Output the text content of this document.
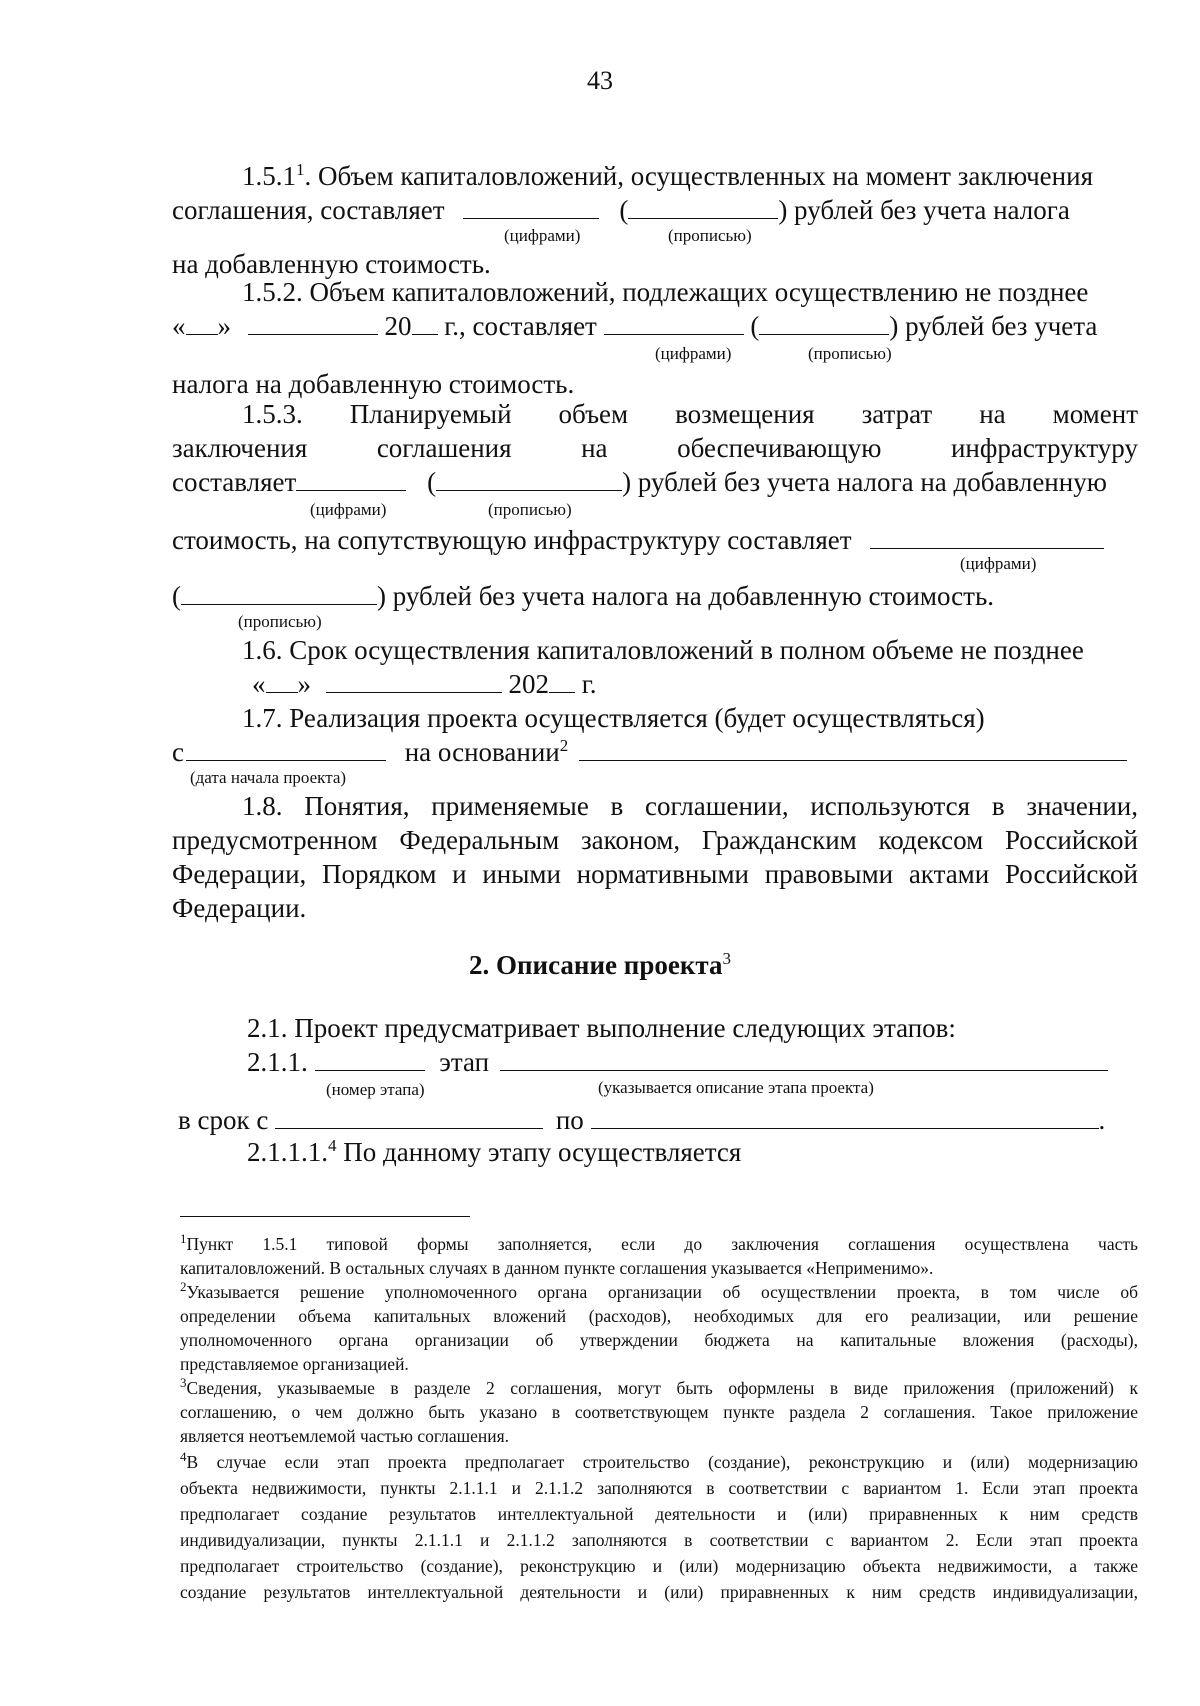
43
1.5.1$^1$. Объем капиталовложений, осуществленных на момент заключения
соглашения, составляет	(	) рублей без учета налога
(цифрами)	(прописью)
на добавленную стоимость.
1.5.2. Объем капиталовложений, подлежащих осуществлению не позднее
« »	20 г., составляет	(	) рублей без учета
(цифрами)	(прописью)
налога на добавленную стоимость.
1.5.3. Планируемый объем возмещения затрат на момент
заключения	соглашения	на	обеспечивающую	инфраструктуру
составляет	(	) рублей без учета налога на добавленную
(цифрами)	(прописью)
стоимость, на сопутствующую инфраструктуру составляет
(цифрами)
(	) рублей без учета налога на добавленную стоимость.
(прописью)
1.6. Срок осуществления капиталовложений в полном объеме не позднее
« »	202 г.
1.7. Реализация проекта осуществляется (будет осуществляться)
с	на основании$^2$
(дата начала проекта)
1.8. Понятия, применяемые в соглашении, используются в значении,
предусмотренном Федеральным законом, Гражданским кодексом Российской
Федерации, Порядком и иными нормативными правовыми актами Российской
Федерации.
2. Описание проекта$^3$
2.1. Проект предусматривает выполнение следующих этапов:
2.1.1.	этап
(номер этапа)	(указывается описание этапа проекта)
в срок с	по	.
2.1.1.1.$^4$ По данному этапу осуществляется
$^1$Пункт 1.5.1 типовой формы заполняется, если до заключения соглашения осуществлена часть
капиталовложений. В остальных случаях в данном пункте соглашения указывается «Неприменимо».
$^2$Указывается решение уполномоченного органа организации об осуществлении проекта, в том числе об
определении объема капитальных вложений (расходов), необходимых для его реализации, или решение
уполномоченного органа организации об утверждении бюджета на капитальные вложения (расходы),
представляемое организацией.
$^3$Сведения, указываемые в разделе 2 соглашения, могут быть оформлены в виде приложения (приложений) к
соглашению, о чем должно быть указано в соответствующем пункте раздела 2 соглашения. Такое приложение
является неотъемлемой частью соглашения.
$^4$В случае если этап проекта предполагает строительство (создание), реконструкцию и (или) модернизацию
объекта недвижимости, пункты 2.1.1.1 и 2.1.1.2 заполняются в соответствии с вариантом 1. Если этап проекта
предполагает создание результатов интеллектуальной деятельности и (или) приравненных к ним средств
индивидуализации, пункты 2.1.1.1 и 2.1.1.2 заполняются в соответствии с вариантом 2. Если этап проекта
предполагает строительство (создание), реконструкцию и (или) модернизацию объекта недвижимости, а также
создание результатов интеллектуальной деятельности и (или) приравненных к ним средств индивидуализации,
